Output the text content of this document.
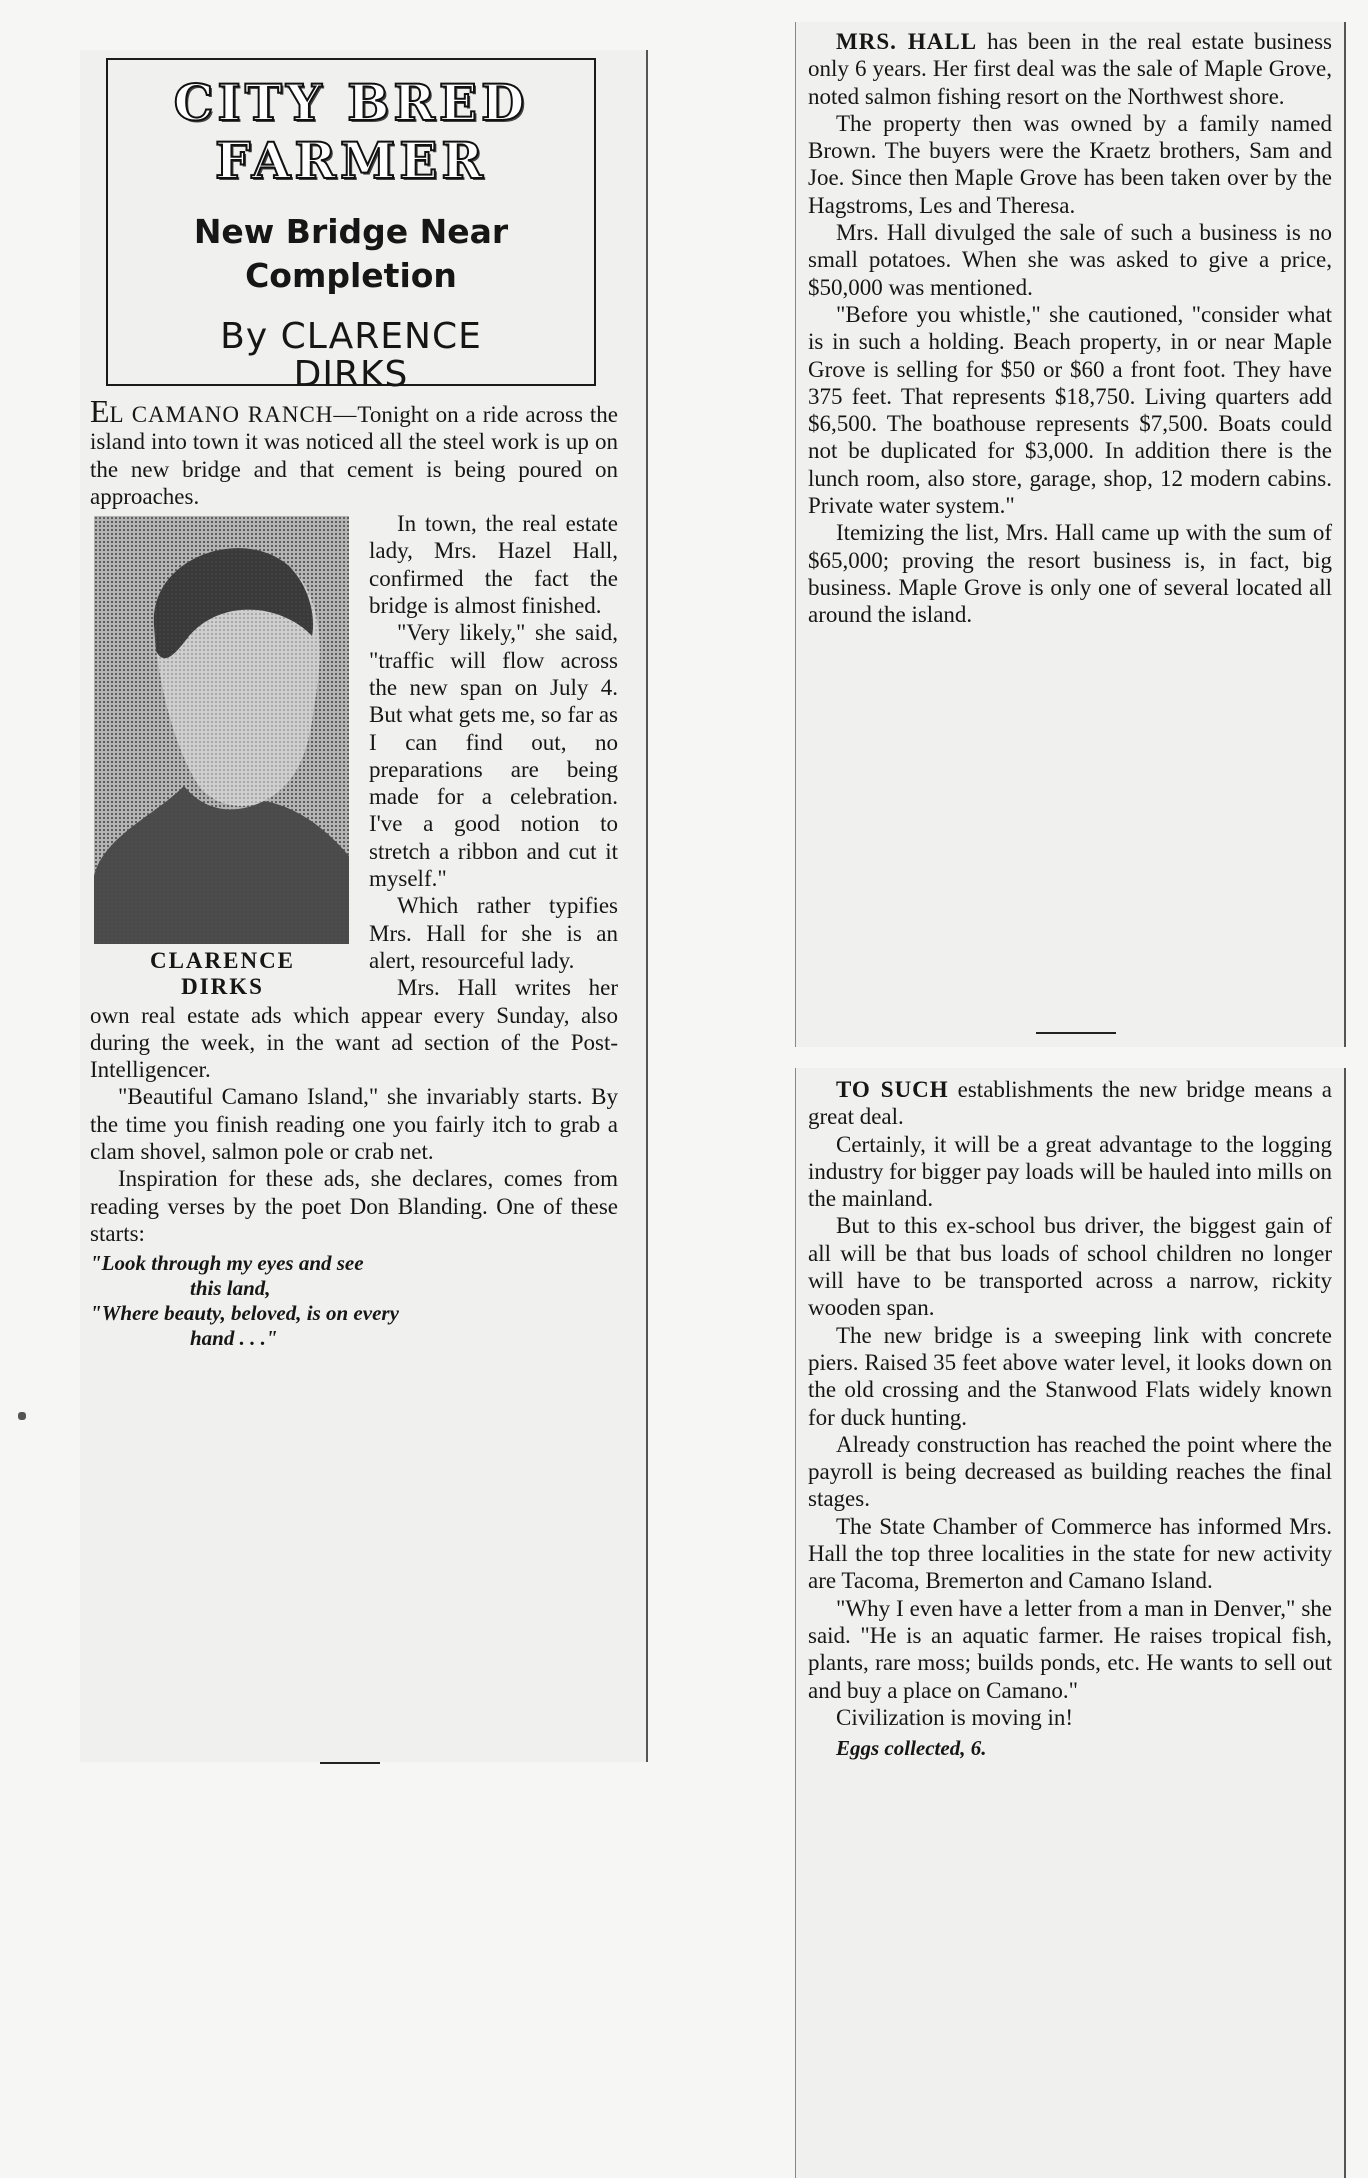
CITY BRED
FARMER
New Bridge Near
Completion
By CLARENCE
DIRKS

EL CAMANO RANCH—Tonight on a ride across the island into town it was noticed all the steel work is up on the new bridge and that cement is being poured on approaches.

CLARENCE
DIRKS

In town, the real estate lady, Mrs. Hazel Hall, confirmed the fact the bridge is almost finished.

"Very likely," she said, "traffic will flow across the new span on July 4. But what gets me, so far as I can find out, no preparations are being made for a celebration. I've a good notion to stretch a ribbon and cut it myself."

Which rather typifies Mrs. Hall for she is an alert, resourceful lady.

Mrs. Hall writes her own real estate ads which appear every Sunday, also during the week, in the want ad section of the Post-Intelligencer.

"Beautiful Camano Island," she invariably starts. By the time you finish reading one you fairly itch to grab a clam shovel, salmon pole or crab net.

Inspiration for these ads, she declares, comes from reading verses by the poet Don Blanding. One of these starts:

"Look through my eyes and see
this land,
"Where beauty, beloved, is on every
hand . . ."

MRS. HALL has been in the real estate business only 6 years. Her first deal was the sale of Maple Grove, noted salmon fishing resort on the Northwest shore.

The property then was owned by a family named Brown. The buyers were the Kraetz brothers, Sam and Joe. Since then Maple Grove has been taken over by the Hagstroms, Les and Theresa.

Mrs. Hall divulged the sale of such a business is no small potatoes. When she was asked to give a price, $50,000 was mentioned.

"Before you whistle," she cautioned, "consider what is in such a holding. Beach property, in or near Maple Grove is selling for $50 or $60 a front foot. They have 375 feet. That represents $18,750. Living quarters add $6,500. The boathouse represents $7,500. Boats could not be duplicated for $3,000. In addition there is the lunch room, also store, garage, shop, 12 modern cabins. Private water system."

Itemizing the list, Mrs. Hall came up with the sum of $65,000; proving the resort business is, in fact, big business. Maple Grove is only one of several located all around the island.

TO SUCH establishments the new bridge means a great deal.

Certainly, it will be a great advantage to the logging industry for bigger pay loads will be hauled into mills on the mainland.

But to this ex-school bus driver, the biggest gain of all will be that bus loads of school children no longer will have to be transported across a narrow, rickity wooden span.

The new bridge is a sweeping link with concrete piers. Raised 35 feet above water level, it looks down on the old crossing and the Stanwood Flats widely known for duck hunting.

Already construction has reached the point where the payroll is being decreased as building reaches the final stages.

The State Chamber of Commerce has informed Mrs. Hall the top three localities in the state for new activity are Tacoma, Bremerton and Camano Island.

"Why I even have a letter from a man in Denver," she said. "He is an aquatic farmer. He raises tropical fish, plants, rare moss; builds ponds, etc. He wants to sell out and buy a place on Camano."

Civilization is moving in!

Eggs collected, 6.
